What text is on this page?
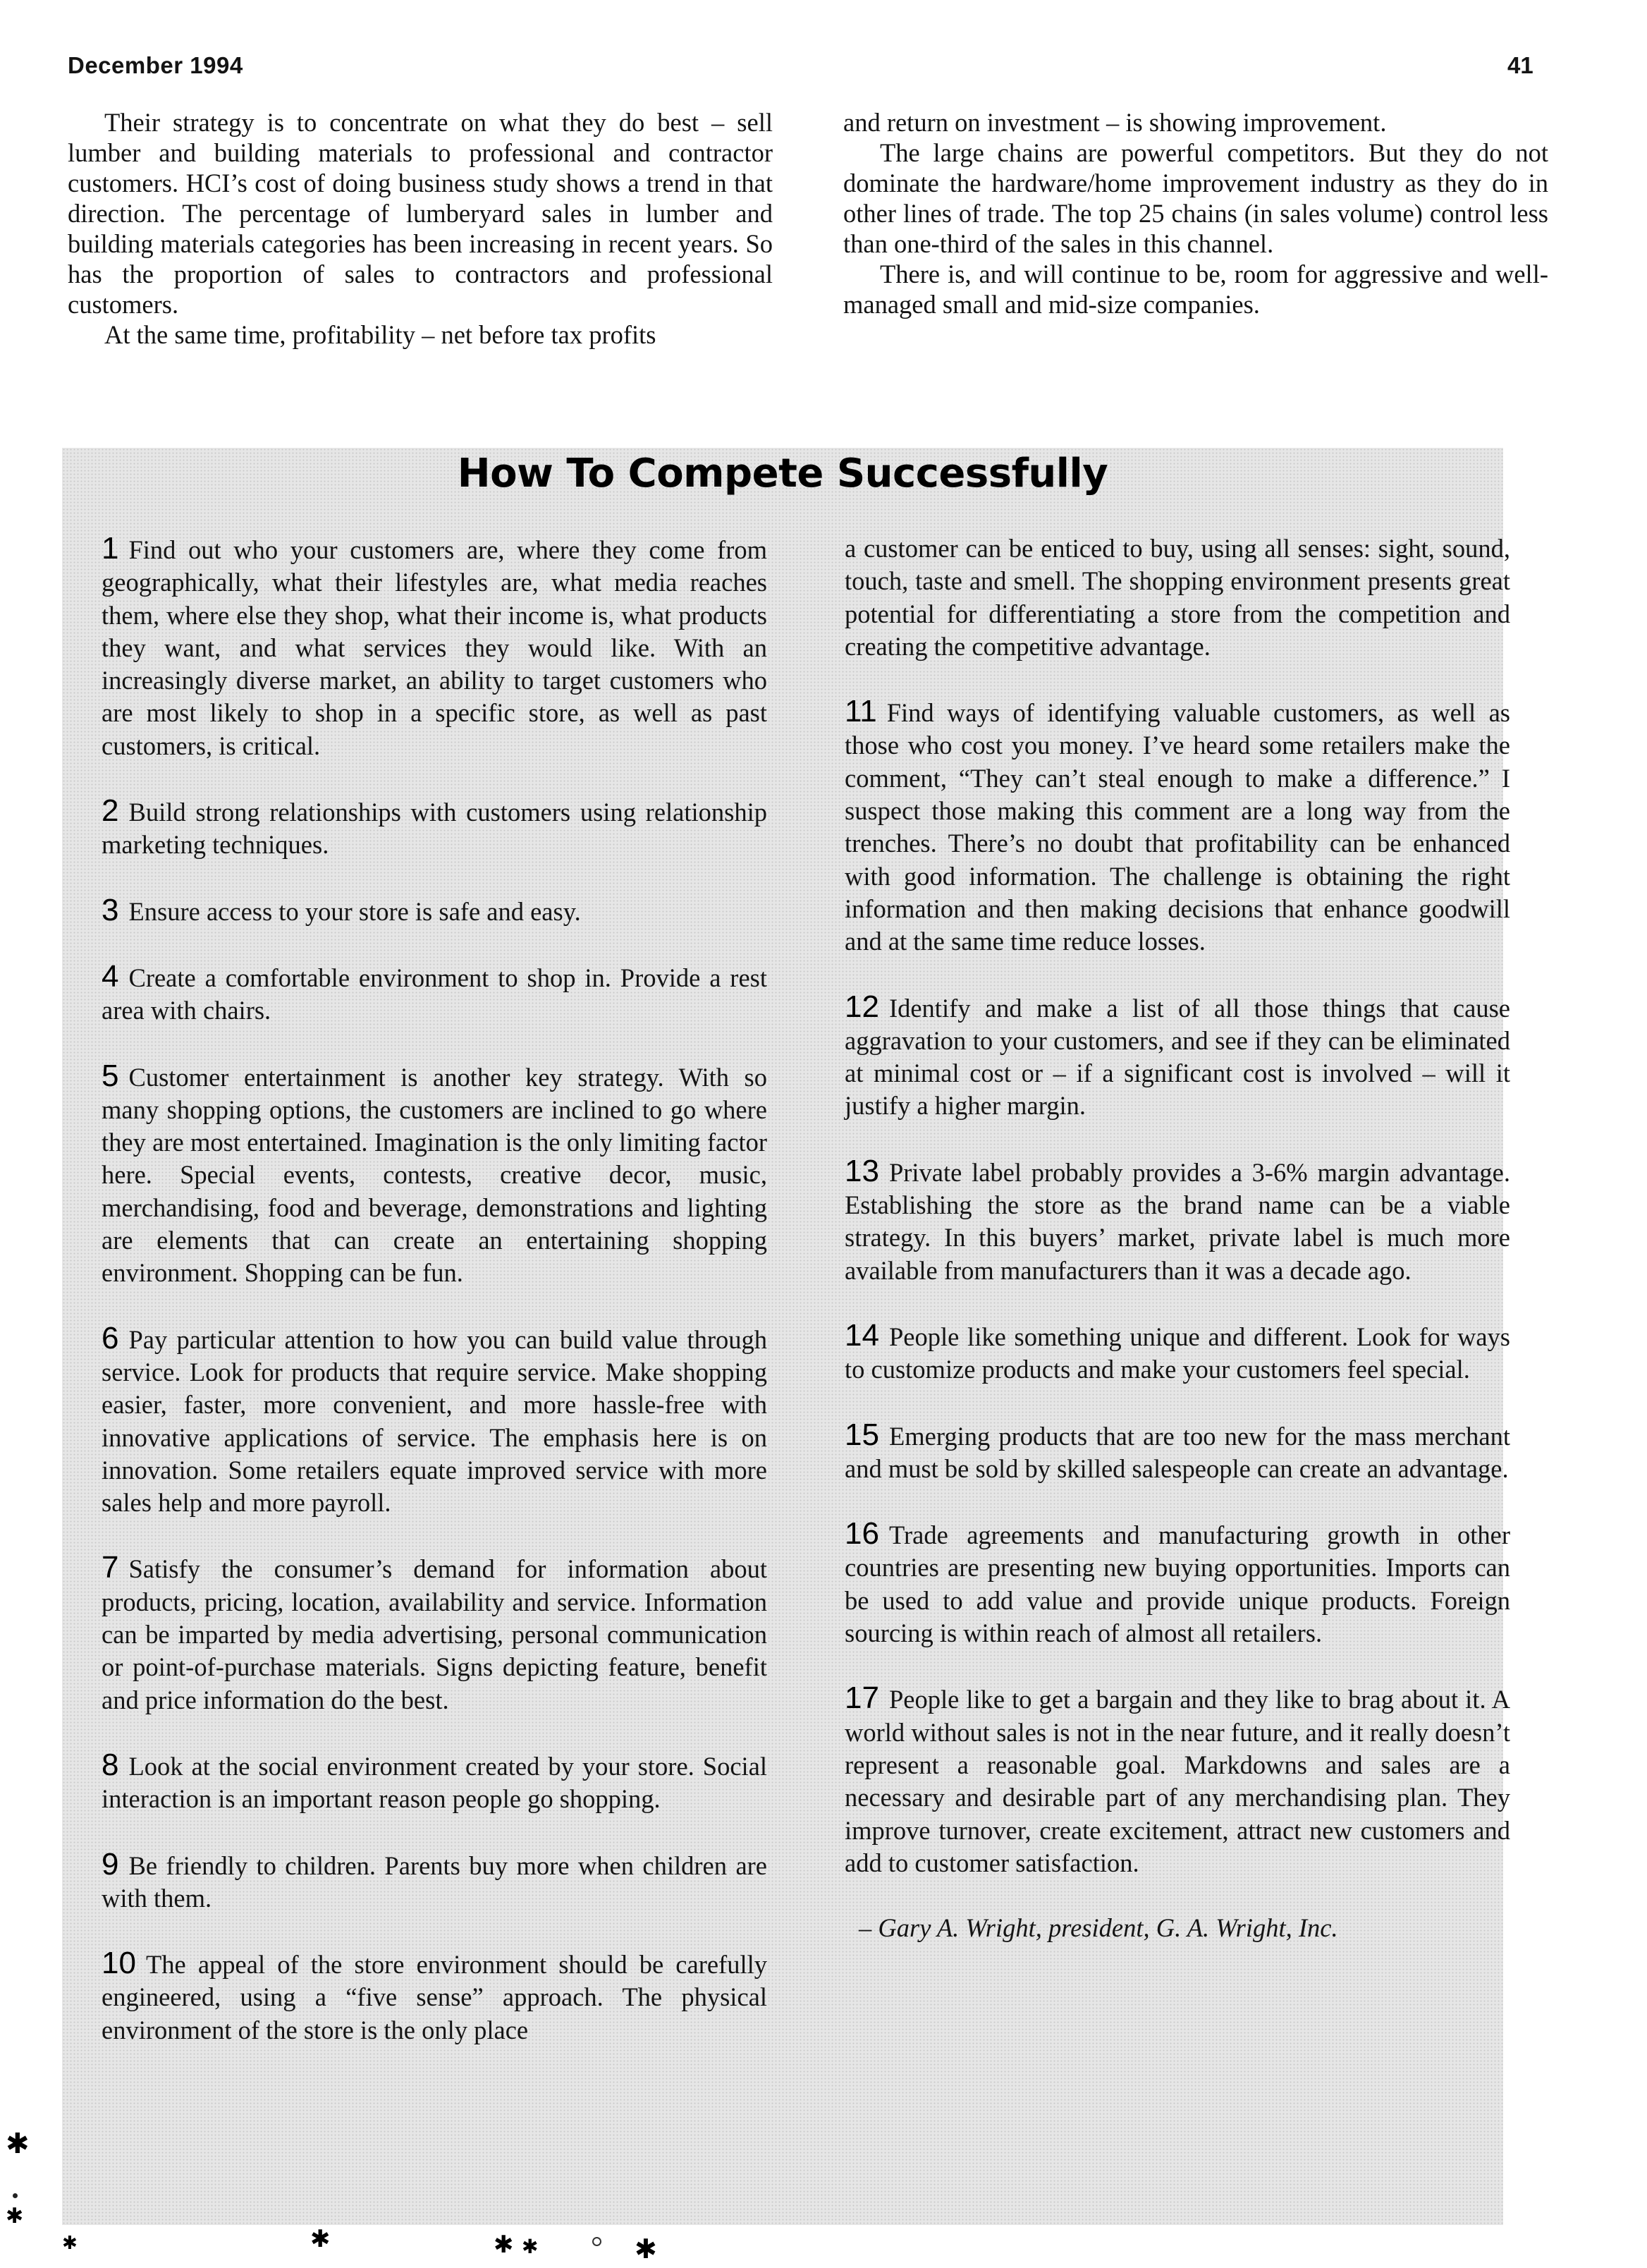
December 1994	41

Their strategy is to concentrate on what they do best – sell lumber and building materials to professional and contractor customers. HCI’s cost of doing business study shows a trend in that direction. The percentage of lumberyard sales in lumber and building materials categories has been increasing in recent years. So has the proportion of sales to contractors and professional customers.

At the same time, profitability – net before tax profits

and return on investment – is showing improvement.

The large chains are powerful competitors. But they do not dominate the hardware/home improvement industry as they do in other lines of trade. The top 25 chains (in sales volume) control less than one-third of the sales in this channel.

There is, and will continue to be, room for aggressive and well-managed small and mid-size companies.

How To Compete Successfully

1 Find out who your customers are, where they come from geographically, what their lifestyles are, what media reaches them, where else they shop, what their income is, what products they want, and what services they would like. With an increasingly diverse market, an ability to target customers who are most likely to shop in a specific store, as well as past customers, is critical.

2 Build strong relationships with customers using relationship marketing techniques.

3 Ensure access to your store is safe and easy.

4 Create a comfortable environment to shop in. Provide a rest area with chairs.

5 Customer entertainment is another key strategy. With so many shopping options, the customers are inclined to go where they are most entertained. Imagination is the only limiting factor here. Special events, contests, creative decor, music, merchandising, food and beverage, demonstrations and lighting are elements that can create an entertaining shopping environment. Shopping can be fun.

6 Pay particular attention to how you can build value through service. Look for products that require service. Make shopping easier, faster, more convenient, and more hassle-free with innovative applications of service. The emphasis here is on innovation. Some retailers equate improved service with more sales help and more payroll.

7 Satisfy the consumer’s demand for information about products, pricing, location, availability and service. Information can be imparted by media advertising, personal communication or point-of-purchase materials. Signs depicting feature, benefit and price information do the best.

8 Look at the social environment created by your store. Social interaction is an important reason people go shopping.

9 Be friendly to children. Parents buy more when children are with them.

10 The appeal of the store environment should be carefully engineered, using a “five sense” approach. The physical environment of the store is the only place

a customer can be enticed to buy, using all senses: sight, sound, touch, taste and smell. The shopping environment presents great potential for differentiating a store from the competition and creating the competitive advantage.

11 Find ways of identifying valuable customers, as well as those who cost you money. I’ve heard some retailers make the comment, “They can’t steal enough to make a difference.” I suspect those making this comment are a long way from the trenches. There’s no doubt that profitability can be enhanced with good information. The challenge is obtaining the right information and then making decisions that enhance goodwill and at the same time reduce losses.

12 Identify and make a list of all those things that cause aggravation to your customers, and see if they can be eliminated at minimal cost or – if a significant cost is involved – will it justify a higher margin.

13 Private label probably provides a 3-6% margin advantage. Establishing the store as the brand name can be a viable strategy. In this buyers’ market, private label is much more available from manufacturers than it was a decade ago.

14 People like something unique and different. Look for ways to customize products and make your customers feel special.

15 Emerging products that are too new for the mass merchant and must be sold by skilled salespeople can create an advantage.

16 Trade agreements and manufacturing growth in other countries are presenting new buying opportunities. Imports can be used to add value and provide unique products. Foreign sourcing is within reach of almost all retailers.

17 People like to get a bargain and they like to brag about it. A world without sales is not in the near future, and it really doesn’t represent a reasonable goal. Markdowns and sales are a necessary and desirable part of any merchandising plan. They improve turnover, create excitement, attract new customers and add to customer satisfaction.

– Gary A. Wright, president, G. A. Wright, Inc.

✱
✱
✱	✱	✱ ✱	✱
